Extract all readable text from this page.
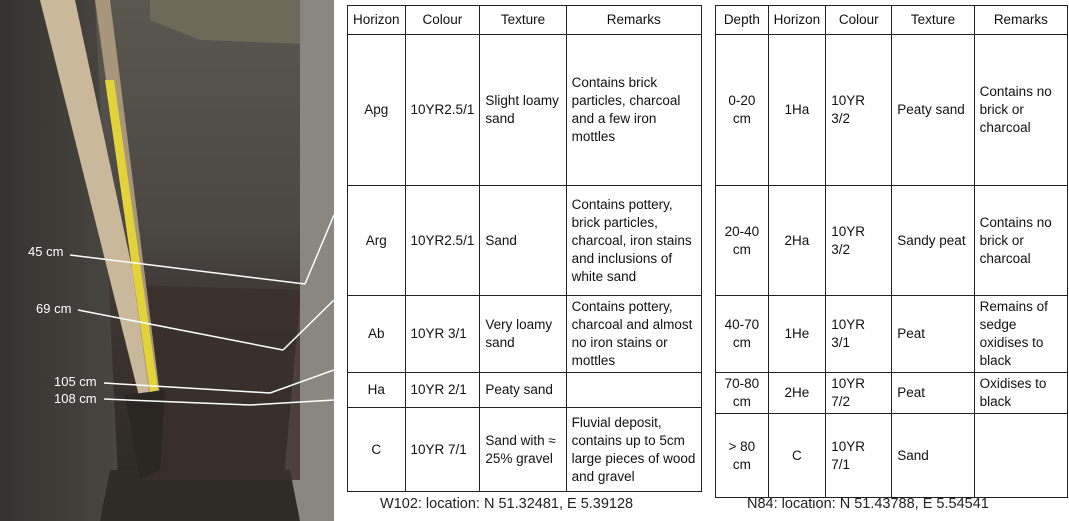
45 cm
69 cm
105 cm
108 cm
Horizon	Colour	Texture	Remarks
Apg	10YR2.5/1	Slight loamy sand	Contains brick particles, charcoal and a few iron mottles
Arg	10YR2.5/1	Sand	Contains pottery, brick particles, charcoal, iron stains and inclusions of white sand
Ab	10YR 3/1	Very loamy sand	Contains pottery, charcoal and almost no iron stains or mottles
Ha	10YR 2/1	Peaty sand	
C	10YR 7/1	Sand with ≈ 25% gravel	Fluvial deposit, contains up to 5cm large pieces of wood and gravel
W102: location: N 51.32481, E 5.39128
Depth	Horizon	Colour	Texture	Remarks
0-20 cm	1Ha	10YR 3/2	Peaty sand	Contains no brick or charcoal
20-40 cm	2Ha	10YR 3/2	Sandy peat	Contains no brick or charcoal
40-70 cm	1He	10YR 3/1	Peat	Remains of sedge oxidises to black
70-80 cm	2He	10YR 7/2	Peat	Oxidises to black
> 80 cm	C	10YR 7/1	Sand	
N84: location: N 51.43788, E 5.54541
